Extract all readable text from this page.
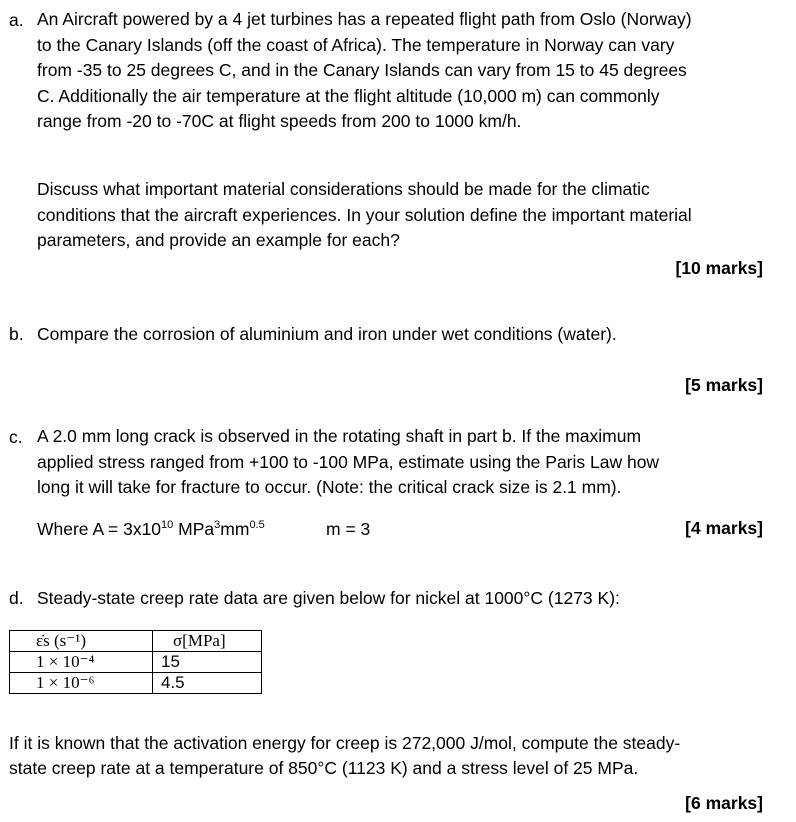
a. An Aircraft powered by a 4 jet turbines has a repeated flight path from Oslo (Norway)
to the Canary Islands (off the coast of Africa). The temperature in Norway can vary
from -35 to 25 degrees C, and in the Canary Islands can vary from 15 to 45 degrees
C. Additionally the air temperature at the flight altitude (10,000 m) can commonly
range from -20 to -70C at flight speeds from 200 to 1000 km/h.
Discuss what important material considerations should be made for the climatic
conditions that the aircraft experiences. In your solution define the important material
parameters, and provide an example for each?
[10 marks]
b. Compare the corrosion of aluminium and iron under wet conditions (water).
[5 marks]
c. A 2.0 mm long crack is observed in the rotating shaft in part b. If the maximum
applied stress ranged from +100 to -100 MPa, estimate using the Paris Law how
long it will take for fracture to occur. (Note: the critical crack size is 2.1 mm).
Where $A = 3x10^{10}$ $MPa^3mm^{0.5}$	m = 3	[4 marks]
d. Steady-state creep rate data are given below for nickel at 1000°C (1273 K):
ε̇s (s⁻¹)	σ[MPa]
1 × 10⁻⁴	15
1 × 10⁻⁶	4.5
If it is known that the activation energy for creep is 272,000 J/mol, compute the steady-
state creep rate at a temperature of 850°C (1123 K) and a stress level of 25 MPa.
[6 marks]
